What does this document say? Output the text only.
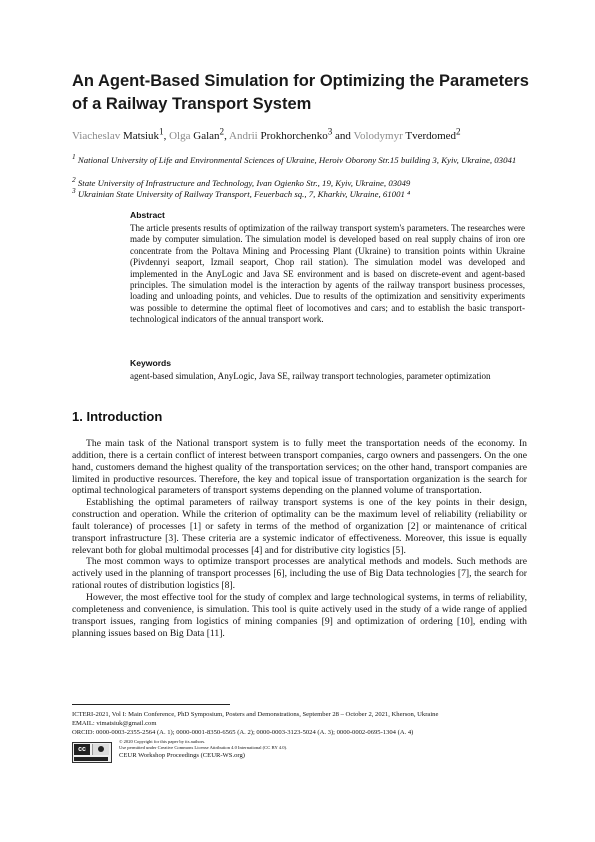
An Agent-Based Simulation for Optimizing the Parameters of a Railway Transport System
Viacheslav Matsiuk$^1$, Olga Galan$^2$, Andrii Prokhorchenko$^3$ and Volodymyr Tverdomed$^2$
$^1$ National University of Life and Environmental Sciences of Ukraine, Heroiv Oborony Str.15 building 3, Kyiv, Ukraine, 03041
$^2$ State University of Infrastructure and Technology, Ivan Ogienko Str., 19, Kyiv, Ukraine, 03049
$^3$ Ukrainian State University of Railway Transport, Feuerbach sq., 7, Kharkiv, Ukraine, 61001 ⁴
Abstract
The article presents results of optimization of the railway transport system's parameters. The researches were made by computer simulation. The simulation model is developed based on real supply chains of iron ore concentrate from the Poltava Mining and Processing Plant (Ukraine) to transition points within Ukraine (Pivdennyi seaport, Izmail seaport, Chop rail station). The simulation model was developed and implemented in the AnyLogic and Java SE environment and is based on discrete-event and agent-based principles. The simulation model is the interaction by agents of the railway transport business processes, loading and unloading points, and vehicles. Due to results of the optimization and sensitivity experiments was possible to determine the optimal fleet of locomotives and cars; and to establish the basic transport-technological indicators of the annual transport work.
Keywords
agent-based simulation, AnyLogic, Java SE, railway transport technologies, parameter optimization
1. Introduction

The main task of the National transport system is to fully meet the transportation needs of the economy. In addition, there is a certain conflict of interest between transport companies, cargo owners and passengers. On the one hand, customers demand the highest quality of the transportation services; on the other hand, transport companies are limited in productive resources. Therefore, the key and topical issue of transportation organization is the search for optimal technological parameters of transport systems depending on the planned volume of transportation.

Establishing the optimal parameters of railway transport systems is one of the key points in their design, construction and operation. While the criterion of optimality can be the maximum level of reliability (reliability or fault tolerance) of processes [1] or safety in terms of the method of organization [2] or maintenance of critical transport infrastructure [3]. These criteria are a systemic indicator of effectiveness. Moreover, this issue is equally relevant both for global multimodal processes [4] and for distributive city logistics [5].

The most common ways to optimize transport processes are analytical methods and models. Such methods are actively used in the planning of transport processes [6], including the use of Big Data technologies [7], the search for rational routes of distribution logistics [8].

However, the most effective tool for the study of complex and large technological systems, in terms of reliability, completeness and convenience, is simulation. This tool is quite actively used in the study of a wide range of applied transport issues, ranging from logistics of mining companies [9] and optimization of ordering [10], ending with planning issues based on Big Data [11].

ICTERI-2021, Vol I: Main Conference, PhD Symposium, Posters and Demonstrations, September 28 – October 2, 2021, Kherson, Ukraine
EMAIL: vimatsiuk@gmail.com
ORCID: 0000-0003-2355-2564 (A. 1); 0000-0001-8350-6565 (A. 2); 0000-0003-3123-5024 (A. 3); 0000-0002-0695-1304 (A. 4)
cc
© 2020 Copyright for this paper by its authors.
Use permitted under Creative Commons License Attribution 4.0 International (CC BY 4.0).
CEUR Workshop Proceedings (CEUR-WS.org)
